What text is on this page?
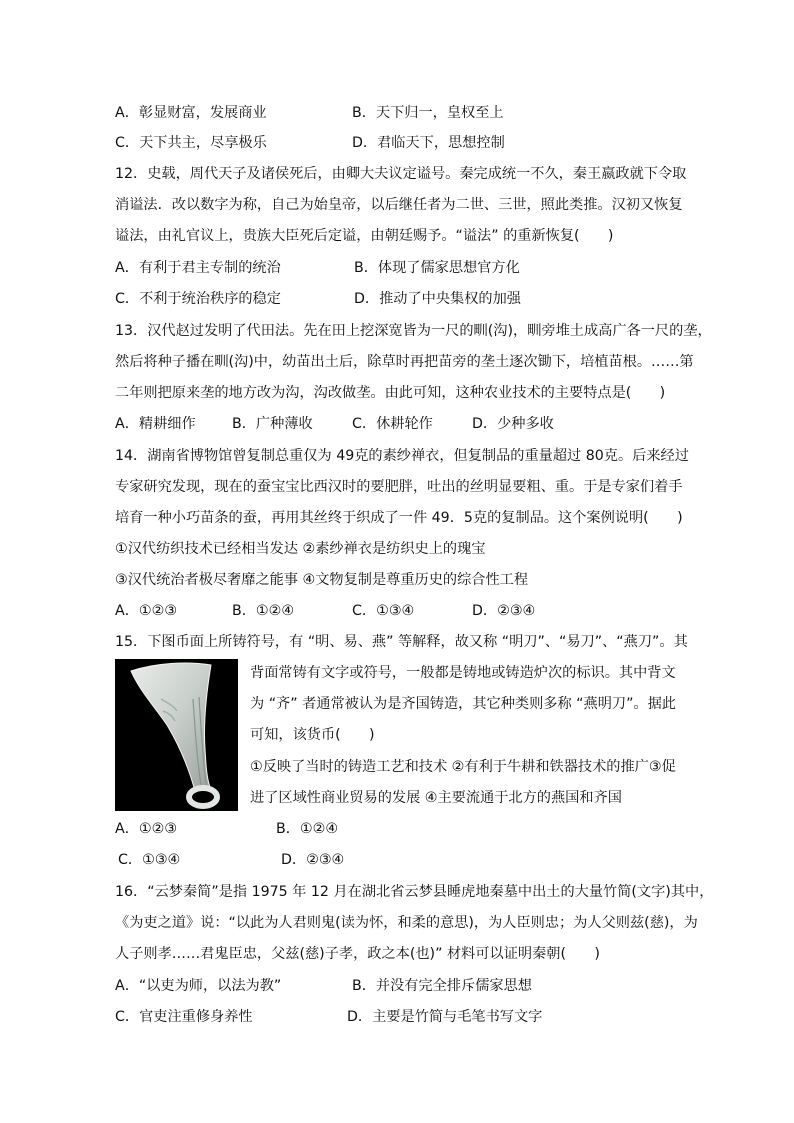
A．彰显财富，发展商业	B．天下归一，皇权至上
C．天下共主，尽享极乐	D．君临天下，思想控制
12．史载，周代天子及诸侯死后，由卿大夫议定谥号。秦完成统一不久，秦王嬴政就下令取
消谥法．改以数字为称，自己为始皇帝，以后继任者为二世、三世，照此类推。汉初又恢复
谥法，由礼官议上，贵族大臣死后定谥，由朝廷赐予。“谥法” 的重新恢复(　　)
A．有利于君主专制的统治	B．体现了儒家思想官方化
C．不利于统治秩序的稳定	D．推动了中央集权的加强
13．汉代赵过发明了代田法。先在田上挖深宽皆为一尺的甽(沟)，甽旁堆土成高广各一尺的垄，
然后将种子播在甽(沟)中，幼苗出土后，除草时再把苗旁的垄土逐次锄下，培植苗根。……第
二年则把原来垄的地方改为沟，沟改做垄。由此可知，这种农业技术的主要特点是(　　)
A．精耕细作	B．广种薄收	C．休耕轮作	D．少种多收
14．湖南省博物馆曾复制总重仅为 49克的素纱禅衣，但复制品的重量超过 80克。后来经过
专家研究发现，现在的蚕宝宝比西汉时的要肥胖，吐出的丝明显要粗、重。于是专家们着手
培育一种小巧苗条的蚕，再用其丝终于织成了一件 49．5克的复制品。这个案例说明(　　)
①汉代纺织技术已经相当发达 ②素纱禅衣是纺织史上的瑰宝
③汉代统治者极尽奢靡之能事 ④文物复制是尊重历史的综合性工程
A．①②③	B．①②④	C．①③④	D．②③④
15．下图币面上所铸符号，有 “明、易、燕” 等解释，故又称 “明刀”、“易刀”、“燕刀”。其
背面常铸有文字或符号，一般都是铸地或铸造炉次的标识。其中背文
为 “齐” 者通常被认为是齐国铸造，其它种类则多称 “燕明刀”。据此
可知，该货币(　　)
①反映了当时的铸造工艺和技术 ②有利于牛耕和铁器技术的推广③促
进了区域性商业贸易的发展 ④主要流通于北方的燕国和齐国
A．①②③	B．①②④
C．①③④	D．②③④
16．“云梦秦简”是指 1975 年 12 月在湖北省云梦县睡虎地秦墓中出土的大量竹简(文字)其中，
《为吏之道》说：“以此为人君则鬼(读为怀，和柔的意思)，为人臣则忠；为人父则兹(慈)，为
人子则孝……君鬼臣忠，父兹(慈)子孝，政之本(也)” 材料可以证明秦朝(　　)
A．“以吏为师，以法为教”	B．并没有完全排斥儒家思想
C．官吏注重修身养性	D．主要是竹简与毛笔书写文字
